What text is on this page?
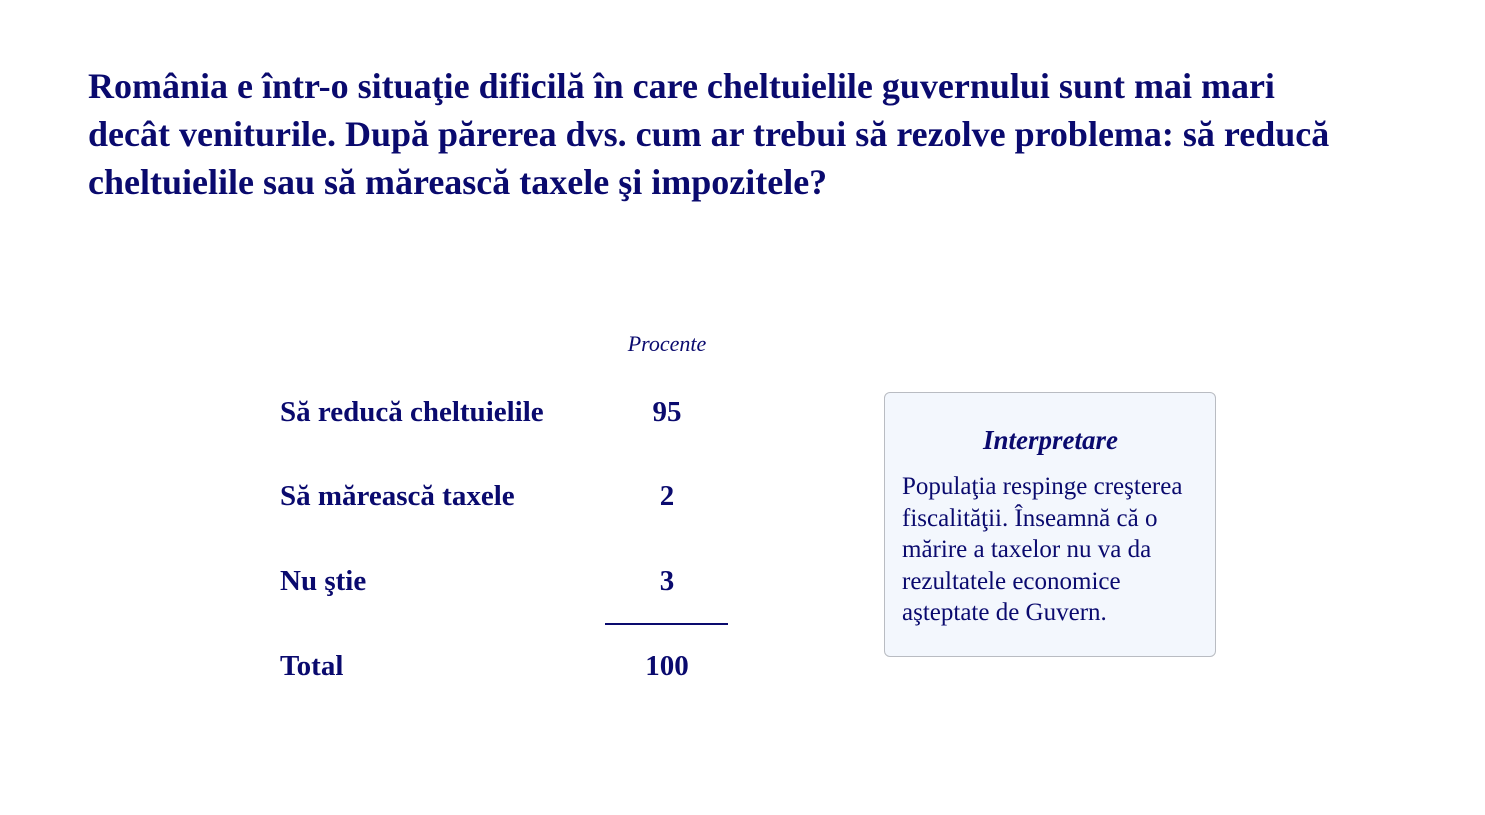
România e într-o situaţie dificilă în care cheltuielile guvernului sunt mai mari decât veniturile. După părerea dvs. cum ar trebui să rezolve problema: să reducă cheltuielile sau să mărească taxele şi impozitele?
Procente
Să reducă cheltuielile	95
Să mărească taxele	2
Nu ştie	3
Total	100
Interpretare
Populaţia respinge creşterea fiscalităţii. Înseamnă că o mărire a taxelor nu va da rezultatele economice aşteptate de Guvern.
